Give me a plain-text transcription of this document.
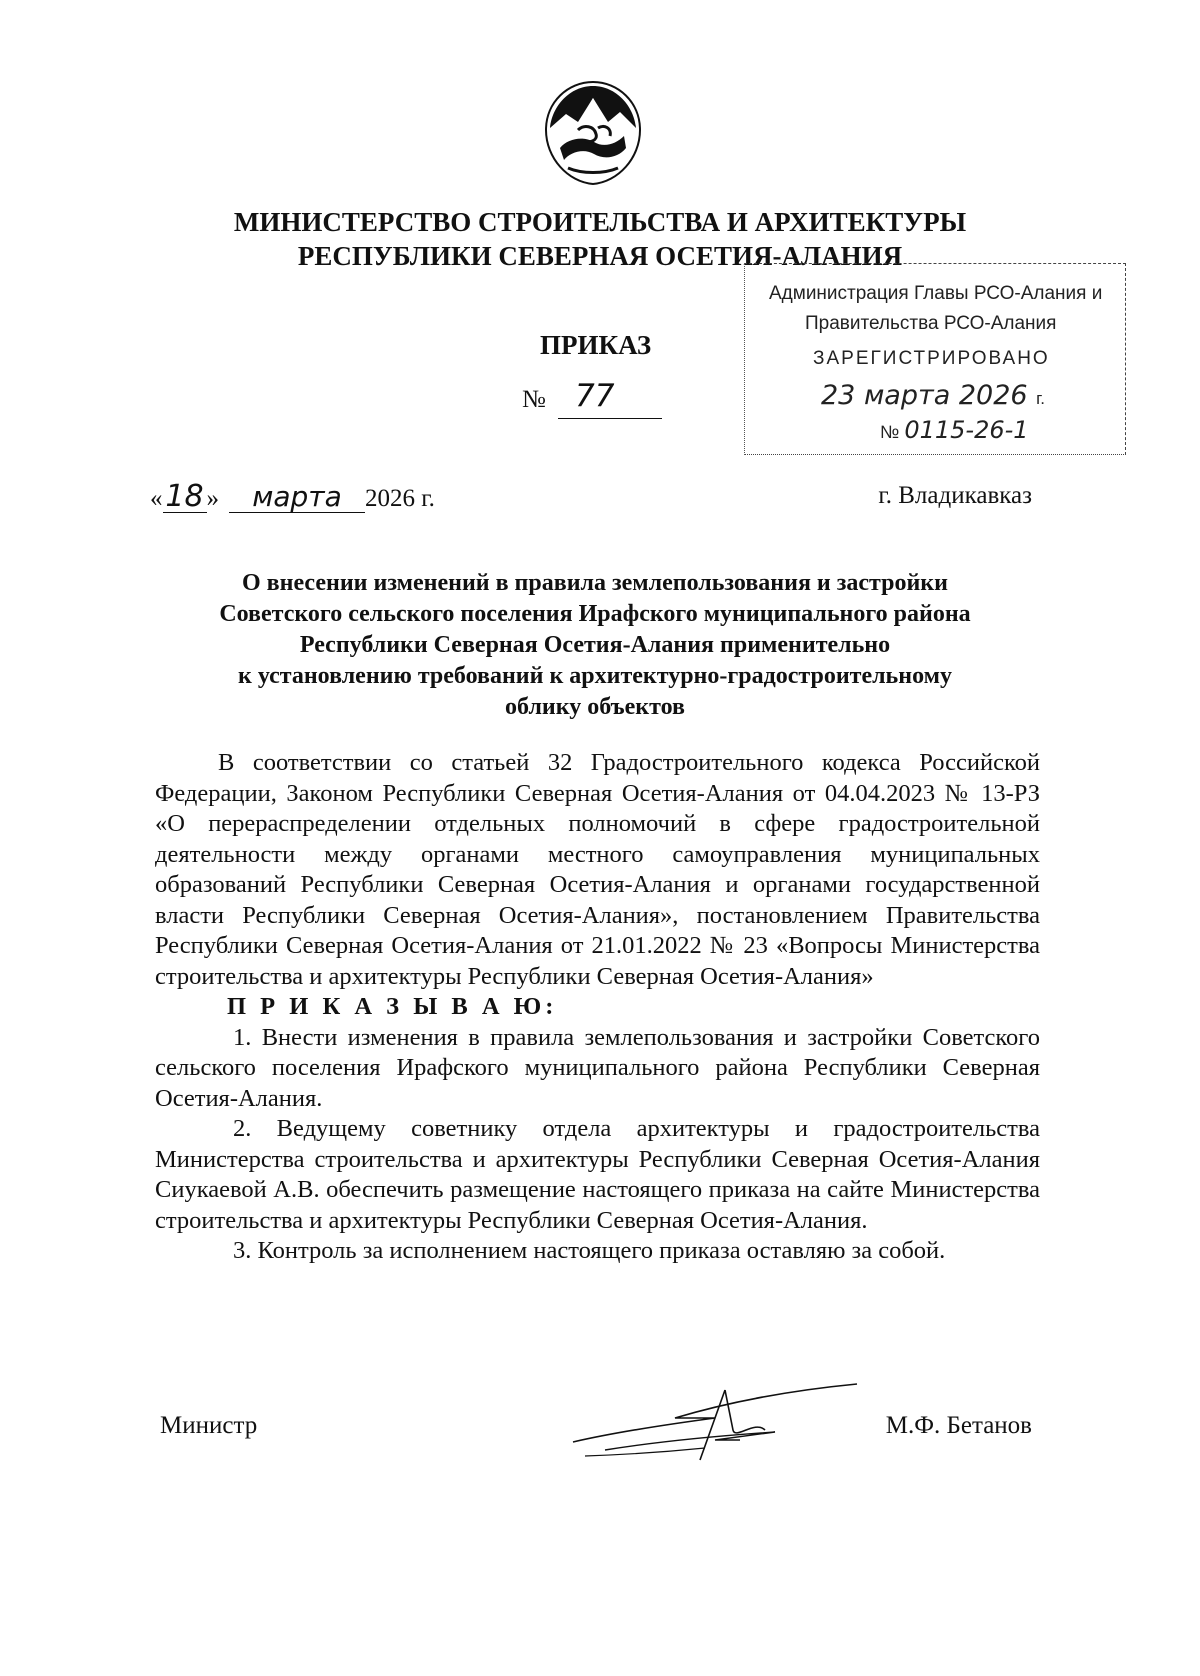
МИНИСТЕРСТВО СТРОИТЕЛЬСТВА И АРХИТЕКТУРЫ
РЕСПУБЛИКИ СЕВЕРНАЯ ОСЕТИЯ-АЛАНИЯ
ПРИКАЗ
№ 77
Администрация Главы РСО-Алания и
Правительства РСО-Алания
ЗАРЕГИСТРИРОВАНО
23 марта 2026 г.
№ 0115-26-1
«18 » марта 2026 г.	г. Владикавказ
О внесении изменений в правила землепользования и застройки
Советского сельского поселения Ирафского муниципального района
Республики Северная Осетия-Алания применительно
к установлению требований к архитектурно-градостроительному
облику объектов

В соответствии со статьей 32 Градостроительного кодекса Российской Федерации, Законом Республики Северная Осетия-Алания от 04.04.2023 № 13-РЗ «О перераспределении отдельных полномочий в сфере градостроительной деятельности между органами местного самоуправления муниципальных образований Республики Северная Осетия-Алания и органами государственной власти Республики Северная Осетия-Алания», постановлением Правительства Республики Северная Осетия-Алания от 21.01.2022 № 23 «Вопросы Министерства строительства и архитектуры Республики Северная Осетия-Алания»

П Р И К А З Ы В А Ю:

1. Внести изменения в правила землепользования и застройки Советского сельского поселения Ирафского муниципального района Республики Северная Осетия-Алания.

2. Ведущему советнику отдела архитектуры и градостроительства Министерства строительства и архитектуры Республики Северная Осетия-Алания Сиукаевой А.В. обеспечить размещение настоящего приказа на сайте Министерства строительства и архитектуры Республики Северная Осетия-Алания.

3. Контроль за исполнением настоящего приказа оставляю за собой.

Министр	М.Ф. Бетанов
